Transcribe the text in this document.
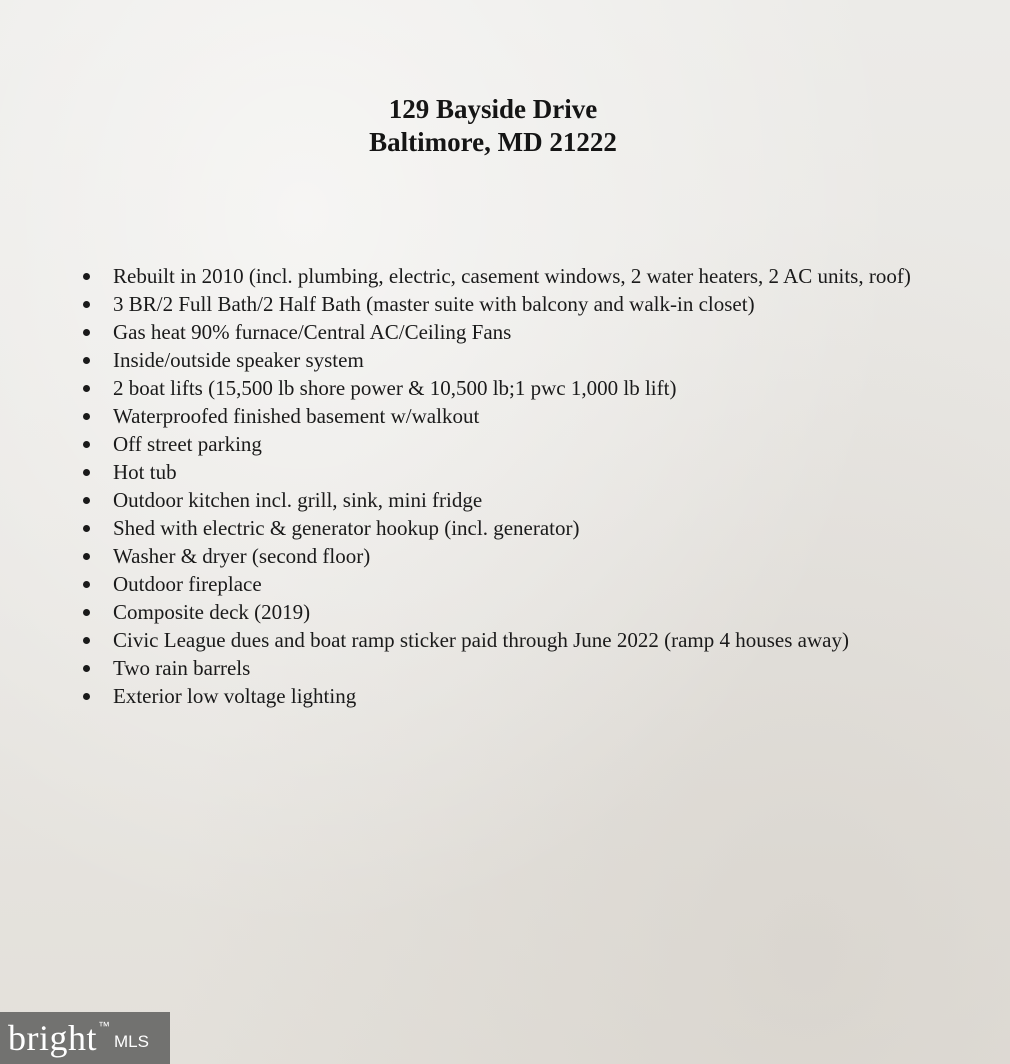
129 Bayside Drive
Baltimore, MD 21222
Rebuilt in 2010 (incl. plumbing, electric, casement windows, 2 water heaters, 2 AC units, roof)
3 BR/2 Full Bath/2 Half Bath (master suite with balcony and walk-in closet)
Gas heat 90% furnace/Central AC/Ceiling Fans
Inside/outside speaker system
2 boat lifts (15,500 lb shore power & 10,500 lb;1 pwc 1,000 lb lift)
Waterproofed finished basement w/walkout
Off street parking
Hot tub
Outdoor kitchen incl. grill, sink, mini fridge
Shed with electric & generator hookup (incl. generator)
Washer & dryer (second floor)
Outdoor fireplace
Composite deck (2019)
Civic League dues and boat ramp sticker paid through June 2022 (ramp 4 houses away)
Two rain barrels
Exterior low voltage lighting
bright ™
MLS
